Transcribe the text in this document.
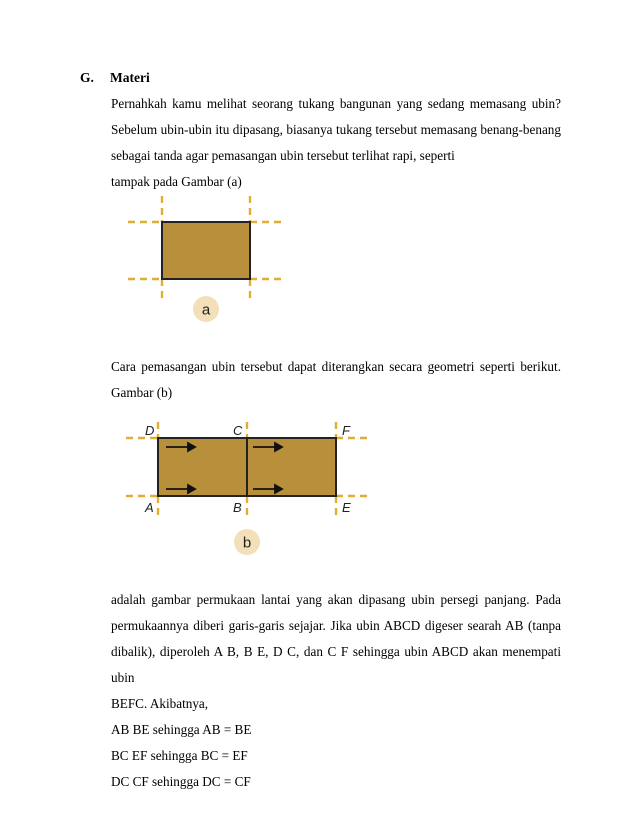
G. Materi
Pernahkah kamu melihat seorang tukang bangunan yang sedang memasang ubin?
Sebelum ubin-ubin itu dipasang, biasanya tukang tersebut memasang benang-benang
sebagai tanda agar pemasangan ubin tersebut terlihat rapi, seperti
tampak pada Gambar (a)
a
Cara pemasangan ubin tersebut dapat diterangkan secara geometri seperti berikut.
Gambar (b)
D	C	F
A	B	E
b
adalah gambar permukaan lantai yang akan dipasang ubin persegi panjang. Pada
permukaannya diberi garis-garis sejajar. Jika ubin ABCD digeser searah AB (tanpa
dibalik), diperoleh A B, B E, D C, dan C F sehingga ubin ABCD akan menempati ubin
BEFC. Akibatnya,
AB BE sehingga AB = BE
BC EF sehingga BC = EF
DC CF sehingga DC = CF
